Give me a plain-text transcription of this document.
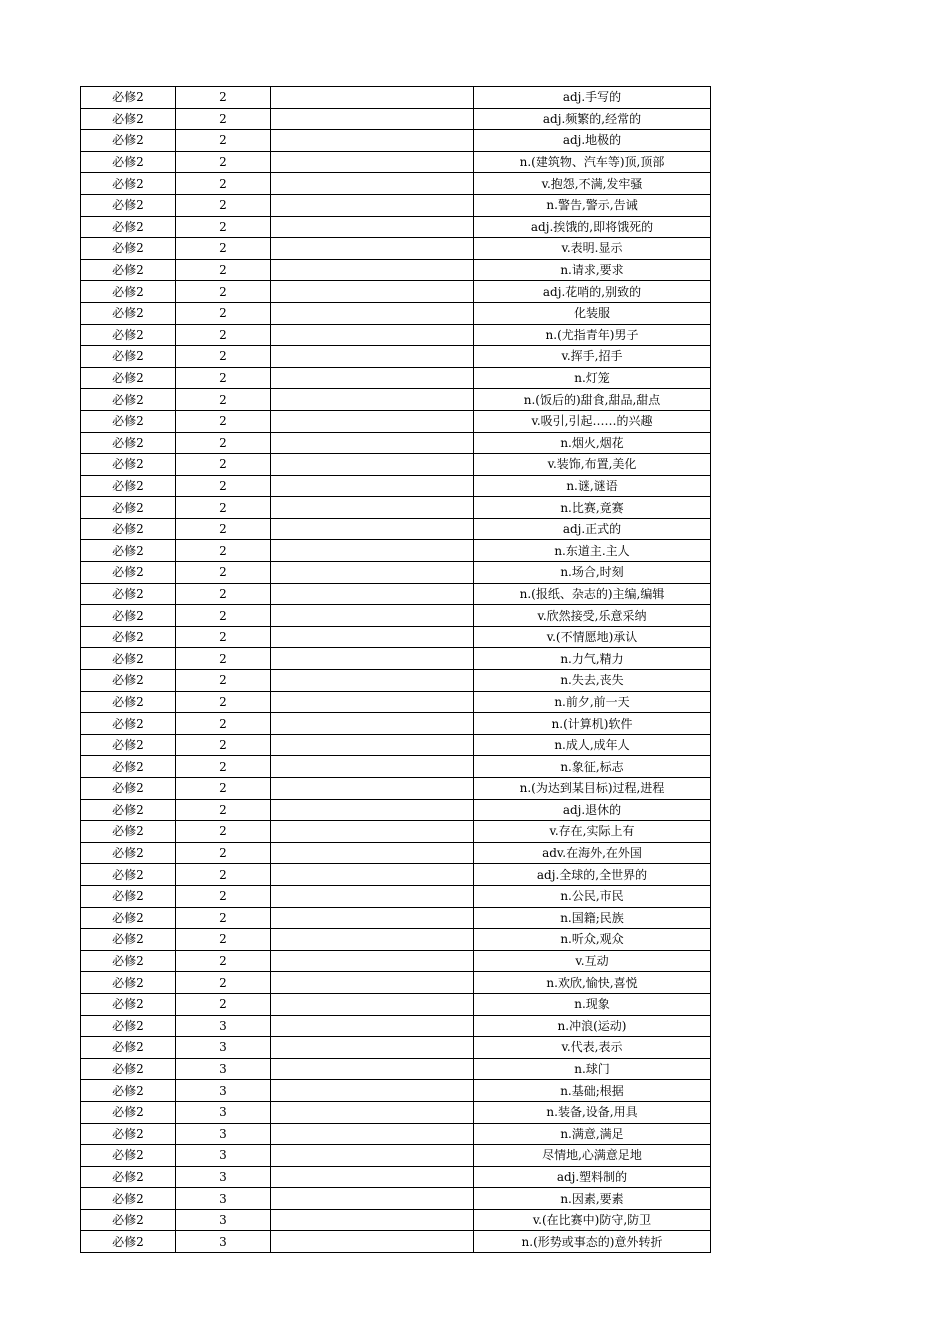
必修2	2		adj.手写的
必修2	2		adj.频繁的,经常的
必修2	2		adj.地极的
必修2	2		n.(建筑物、汽车等)顶,顶部
必修2	2		v.抱怨,不满,发牢骚
必修2	2		n.警告,警示,告诫
必修2	2		adj.挨饿的,即将饿死的
必修2	2		v.表明.显示
必修2	2		n.请求,要求
必修2	2		adj.花哨的,别致的
必修2	2		化装服
必修2	2		n.(尤指青年)男子
必修2	2		v.挥手,招手
必修2	2		n.灯笼
必修2	2		n.(饭后的)甜食,甜品,甜点
必修2	2		v.吸引,引起……的兴趣
必修2	2		n.烟火,烟花
必修2	2		v.装饰,布置,美化
必修2	2		n.谜,谜语
必修2	2		n.比赛,竟赛
必修2	2		adj.正式的
必修2	2		n.东道主.主人
必修2	2		n.场合,时刻
必修2	2		n.(报纸、杂志的)主编,编辑
必修2	2		v.欣然接受,乐意采纳
必修2	2		v.(不情愿地)承认
必修2	2		n.力气,精力
必修2	2		n.失去,丧失
必修2	2		n.前夕,前一天
必修2	2		n.(计算机)软件
必修2	2		n.成人,成年人
必修2	2		n.象征,标志
必修2	2		n.(为达到某目标)过程,进程
必修2	2		adj.退休的
必修2	2		v.存在,实际上有
必修2	2		adv.在海外,在外国
必修2	2		adj.全球的,全世界的
必修2	2		n.公民,市民
必修2	2		n.国籍;民族
必修2	2		n.听众,观众
必修2	2		v.互动
必修2	2		n.欢欣,愉快,喜悦
必修2	2		n.现象
必修2	3		n.冲浪(运动)
必修2	3		v.代表,表示
必修2	3		n.球门
必修2	3		n.基础;根据
必修2	3		n.装备,设备,用具
必修2	3		n.满意,满足
必修2	3		尽情地,心满意足地
必修2	3		adj.塑料制的
必修2	3		n.因素,要素
必修2	3		v.(在比赛中)防守,防卫
必修2	3		n.(形势或事态的)意外转折
